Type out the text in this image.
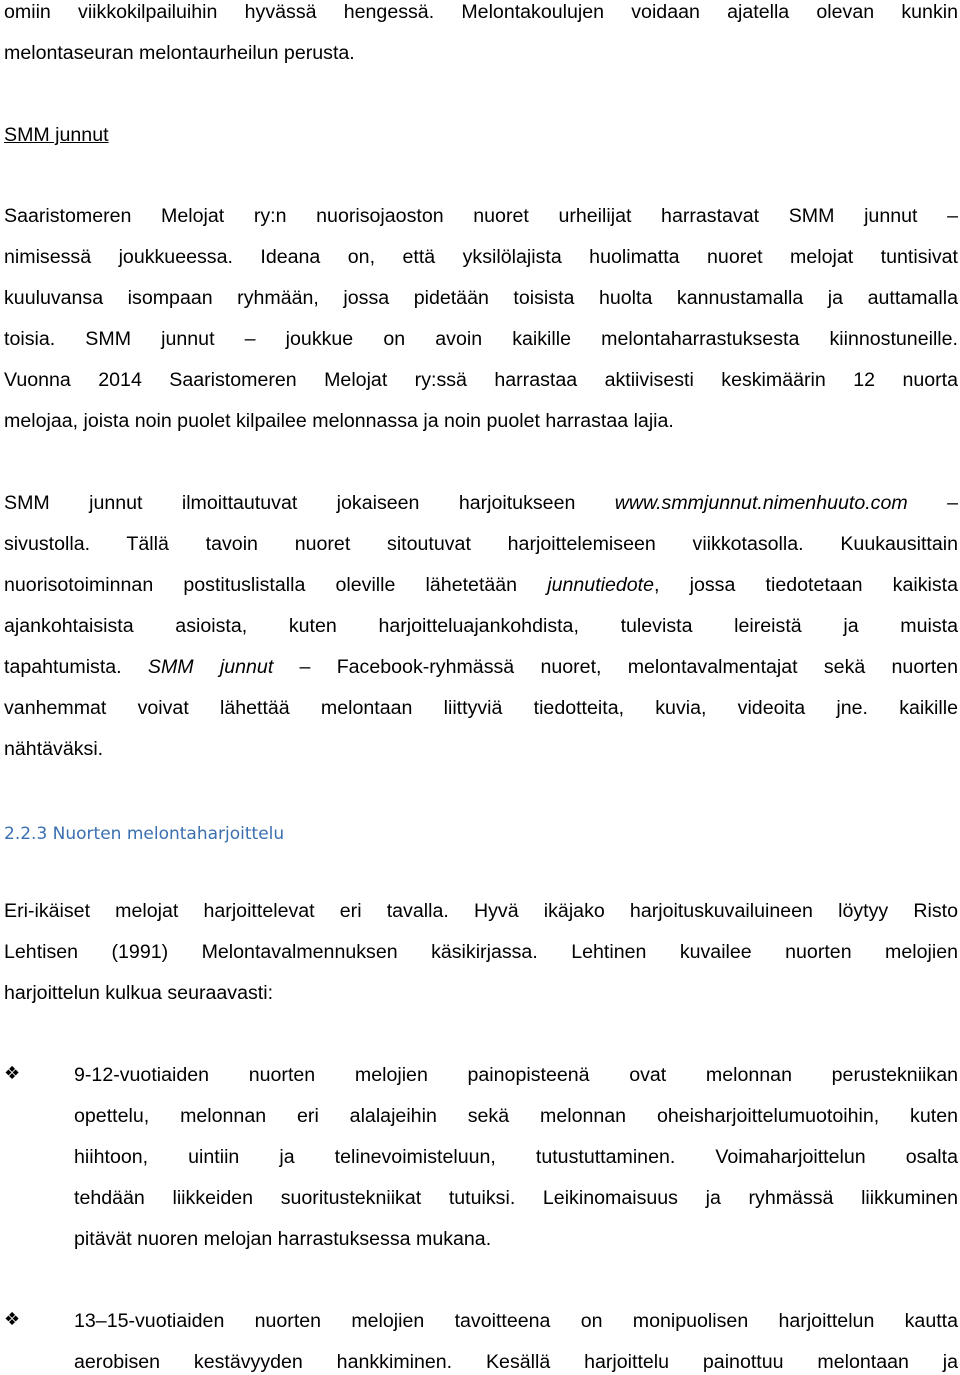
omiin viikkokilpailuihin hyvässä hengessä. Melontakoulujen voidaan ajatella olevan kunkin
melontaseuran melontaurheilun perusta.
SMM junnut
Saaristomeren Melojat ry:n nuorisojaoston nuoret urheilijat harrastavat SMM junnut –
nimisessä joukkueessa. Ideana on, että yksilölajista huolimatta nuoret melojat tuntisivat
kuuluvansa isompaan ryhmään, jossa pidetään toisista huolta kannustamalla ja auttamalla
toisia. SMM junnut – joukkue on avoin kaikille melontaharrastuksesta kiinnostuneille.
Vuonna 2014 Saaristomeren Melojat ry:ssä harrastaa aktiivisesti keskimäärin 12 nuorta
melojaa, joista noin puolet kilpailee melonnassa ja noin puolet harrastaa lajia.
SMM junnut ilmoittautuvat jokaiseen harjoitukseen www.smmjunnut.nimenhuuto.com –
sivustolla. Tällä tavoin nuoret sitoutuvat harjoittelemiseen viikkotasolla. Kuukausittain
nuorisotoiminnan postituslistalla oleville lähetetään junnutiedote, jossa tiedotetaan kaikista
ajankohtaisista asioista, kuten harjoitteluajankohdista, tulevista leireistä ja muista
tapahtumista. SMM junnut – Facebook-ryhmässä nuoret, melontavalmentajat sekä nuorten
vanhemmat voivat lähettää melontaan liittyviä tiedotteita, kuvia, videoita jne. kaikille
nähtäväksi.
2.2.3 Nuorten melontaharjoittelu
Eri-ikäiset melojat harjoittelevat eri tavalla. Hyvä ikäjako harjoituskuvailuineen löytyy Risto
Lehtisen (1991) Melontavalmennuksen käsikirjassa. Lehtinen kuvailee nuorten melojien
harjoittelun kulkua seuraavasti:
❖	9-12-vuotiaiden nuorten melojien painopisteenä ovat melonnan perustekniikan
opettelu, melonnan eri alalajeihin sekä melonnan oheisharjoittelumuotoihin, kuten
hiihtoon, uintiin ja telinevoimisteluun, tutustuttaminen. Voimaharjoittelun osalta
tehdään liikkeiden suoritustekniikat tutuiksi. Leikinomaisuus ja ryhmässä liikkuminen
pitävät nuoren melojan harrastuksessa mukana.
❖	13–15-vuotiaiden nuorten melojien tavoitteena on monipuolisen harjoittelun kautta
aerobisen kestävyyden hankkiminen. Kesällä harjoittelu painottuu melontaan ja
